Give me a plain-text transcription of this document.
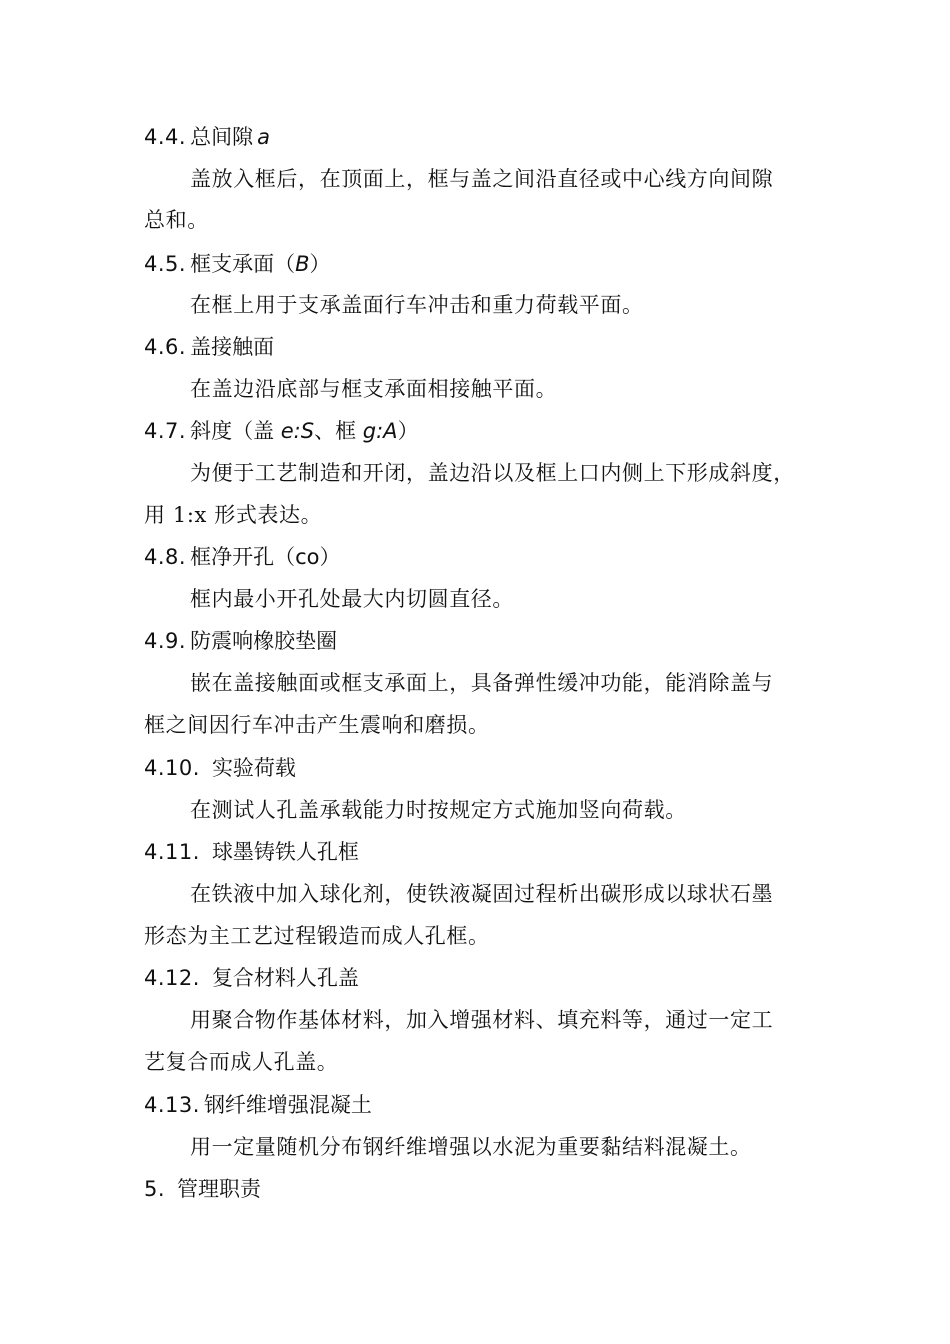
4.4. 总间隙 a
盖放入框后，在顶面上，框与盖之间沿直径或中心线方向间隙
总和。
4.5. 框支承面（B）
在框上用于支承盖面行车冲击和重力荷载平面。
4.6. 盖接触面
在盖边沿底部与框支承面相接触平面。
4.7. 斜度（盖 e:S、框 g:A）
为便于工艺制造和开闭，盖边沿以及框上口内侧上下形成斜度，
用 1:x 形式表达。
4.8. 框净开孔（co）
框内最小开孔处最大内切圆直径。
4.9. 防震响橡胶垫圈
嵌在盖接触面或框支承面上，具备弹性缓冲功能，能消除盖与
框之间因行车冲击产生震响和磨损。
4.10. 实验荷载
在测试人孔盖承载能力时按规定方式施加竖向荷载。
4.11. 球墨铸铁人孔框
在铁液中加入球化剂，使铁液凝固过程析出碳形成以球状石墨
形态为主工艺过程锻造而成人孔框。
4.12. 复合材料人孔盖
用聚合物作基体材料，加入增强材料、填充料等，通过一定工
艺复合而成人孔盖。
4.13. 钢纤维增强混凝土
用一定量随机分布钢纤维增强以水泥为重要黏结料混凝土。
5. 管理职责
